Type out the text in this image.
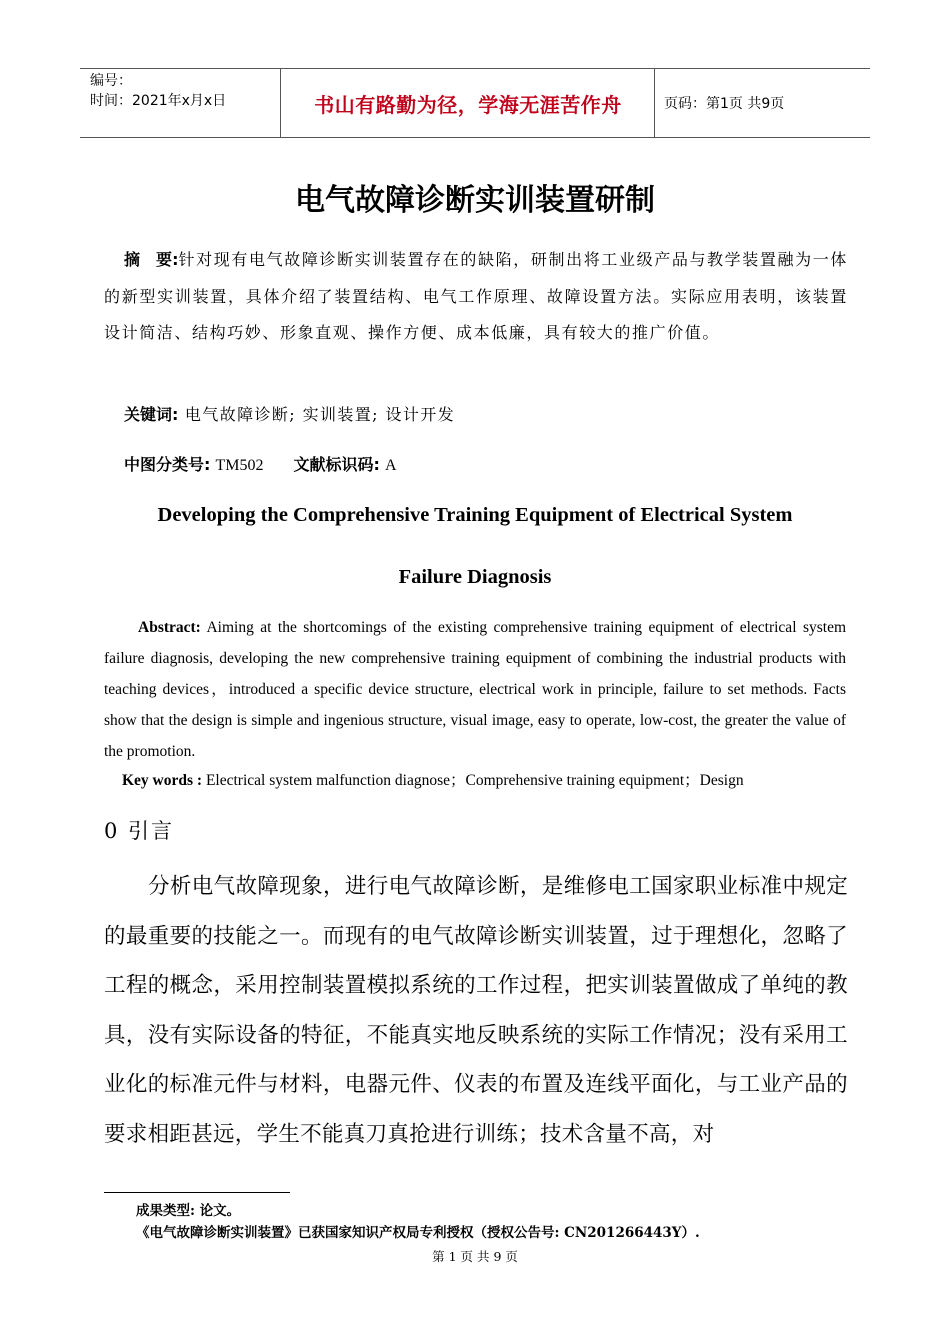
编号：
时间：2021年x月x日	书山有路勤为径，学海无涯苦作舟	页码：第1页 共9页
电气故障诊断实训装置研制
摘　要:针对现有电气故障诊断实训装置存在的缺陷，研制出将工业级产品与教学装置融为一体的新型实训装置，具体介绍了装置结构、电气工作原理、故障设置方法。实际应用表明，该装置设计简洁、结构巧妙、形象直观、操作方便、成本低廉，具有较大的推广价值。
关键词: 电气故障诊断; 实训装置; 设计开发
中图分类号: TM502 文献标识码: A
Developing the Comprehensive Training Equipment of Electrical System
Failure Diagnosis
Abstract: Aiming at the shortcomings of the existing comprehensive training equipment of electrical system failure diagnosis, developing the new comprehensive training equipment of combining the industrial products with teaching devices，introduced a specific device structure, electrical work in principle, failure to set methods. Facts show that the design is simple and ingenious structure, visual image, easy to operate, low-cost, the greater the value of the promotion.
Key words : Electrical system malfunction diagnose；Comprehensive training equipment；Design
0 引言
分析电气故障现象，进行电气故障诊断，是维修电工国家职业标准中规定的最重要的技能之一。而现有的电气故障诊断实训装置，过于理想化，忽略了工程的概念，采用控制装置模拟系统的工作过程，把实训装置做成了单纯的教具，没有实际设备的特征，不能真实地反映系统的实际工作情况；没有采用工业化的标准元件与材料，电器元件、仪表的布置及连线平面化，与工业产品的要求相距甚远，学生不能真刀真抢进行训练；技术含量不高，对
成果类型: 论文。
《电气故障诊断实训装置》已获国家知识产权局专利授权（授权公告号: CN201266443Y）.
第 1 页 共 9 页
